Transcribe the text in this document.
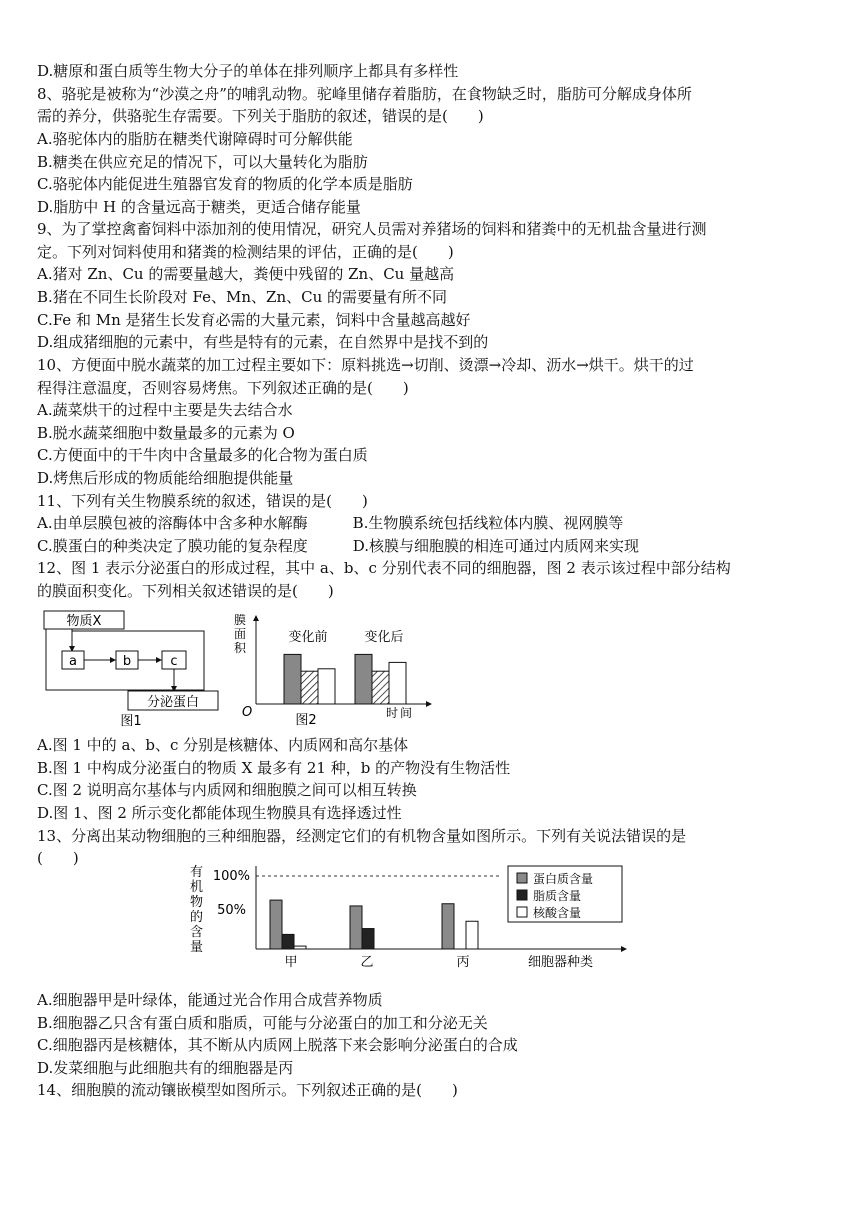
D.糖原和蛋白质等生物大分子的单体在排列顺序上都具有多样性
8、骆驼是被称为“沙漠之舟”的哺乳动物。驼峰里储存着脂肪，在食物缺乏时，脂肪可分解成身体所
需的养分，供骆驼生存需要。下列关于脂肪的叙述，错误的是(　　)
A.骆驼体内的脂肪在糖类代谢障碍时可分解供能
B.糖类在供应充足的情况下，可以大量转化为脂肪
C.骆驼体内能促进生殖器官发育的物质的化学本质是脂肪
D.脂肪中 H 的含量远高于糖类，更适合储存能量
9、为了掌控禽畜饲料中添加剂的使用情况，研究人员需对养猪场的饲料和猪粪中的无机盐含量进行测
定。下列对饲料使用和猪粪的检测结果的评估，正确的是(　　)
A.猪对 Zn、Cu 的需要量越大，粪便中残留的 Zn、Cu 量越高
B.猪在不同生长阶段对 Fe、Mn、Zn、Cu 的需要量有所不同
C.Fe 和 Mn 是猪生长发育必需的大量元素，饲料中含量越高越好
D.组成猪细胞的元素中，有些是特有的元素，在自然界中是找不到的
10、方便面中脱水蔬菜的加工过程主要如下：原料挑选→切削、烫漂→冷却、沥水→烘干。烘干的过
程得注意温度，否则容易烤焦。下列叙述正确的是(　　)
A.蔬菜烘干的过程中主要是失去结合水
B.脱水蔬菜细胞中数量最多的元素为 O
C.方便面中的干牛肉中含量最多的化合物为蛋白质
D.烤焦后形成的物质能给细胞提供能量
11、下列有关生物膜系统的叙述，错误的是(　　)
A.由单层膜包被的溶酶体中含多种水解酶　　　B.生物膜系统包括线粒体内膜、视网膜等
C.膜蛋白的种类决定了膜功能的复杂程度　　　D.核膜与细胞膜的相连可通过内质网来实现
12、图 1 表示分泌蛋白的形成过程，其中 a、b、c 分别代表不同的细胞器，图 2 表示该过程中部分结构
的膜面积变化。下列相关叙述错误的是(　　)
物质X
a	b	c
分泌蛋白
图1
膜
面
积
O
变化前	变化后
图2	时 间
A.图 1 中的 a、b、c 分别是核糖体、内质网和高尔基体
B.图 1 中构成分泌蛋白的物质 X 最多有 21 种，b 的产物没有生物活性
C.图 2 说明高尔基体与内质网和细胞膜之间可以相互转换
D.图 1、图 2 所示变化都能体现生物膜具有选择透过性
13、分离出某动物细胞的三种细胞器，经测定它们的有机物含量如图所示。下列有关说法错误的是
(　　)
有
机
物
的
含
量
100%
50%
甲	乙	丙	细胞器种类
蛋白质含量
脂质含量
核酸含量
A.细胞器甲是叶绿体，能通过光合作用合成营养物质
B.细胞器乙只含有蛋白质和脂质，可能与分泌蛋白的加工和分泌无关
C.细胞器丙是核糖体，其不断从内质网上脱落下来会影响分泌蛋白的合成
D.发菜细胞与此细胞共有的细胞器是丙
14、细胞膜的流动镶嵌模型如图所示。下列叙述正确的是(　　)
